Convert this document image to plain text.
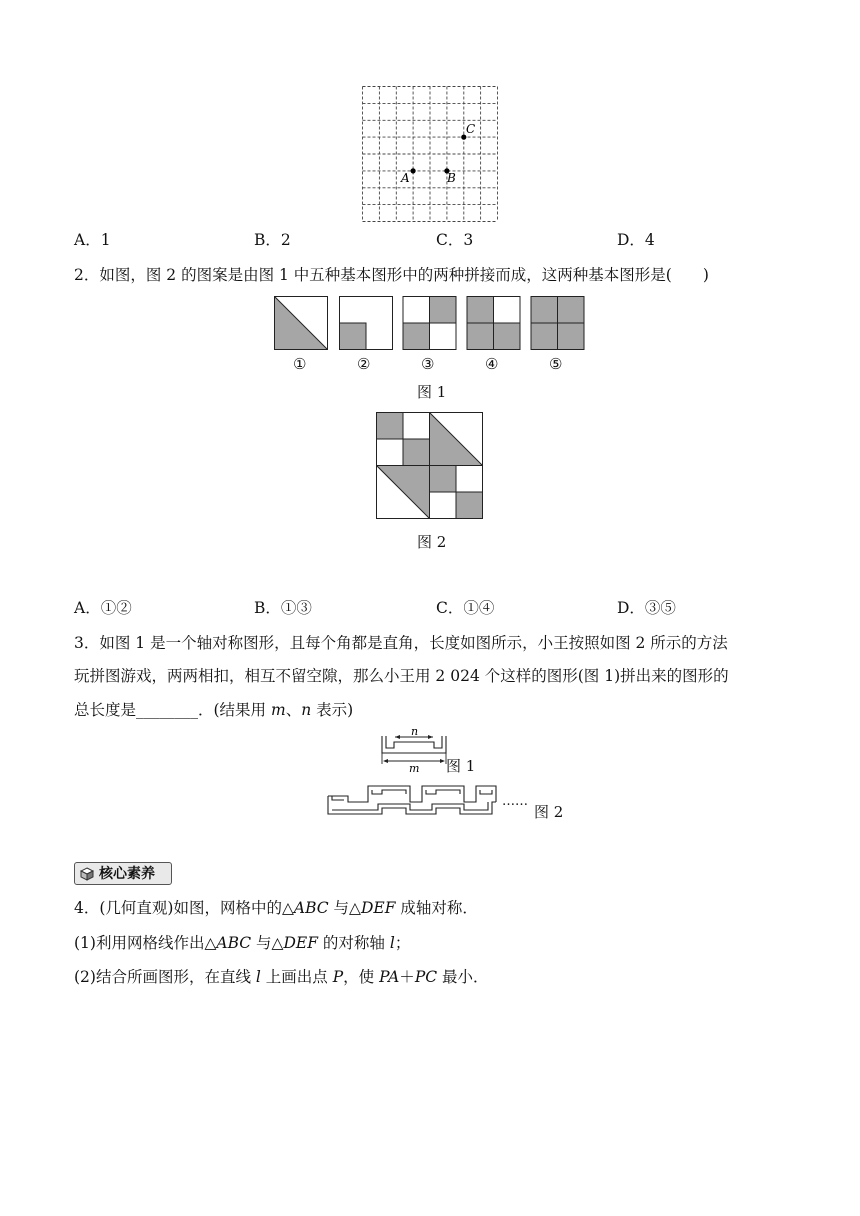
A	B
C
A．1	B．2	C．3	D．4
2．如图，图 2 的图案是由图 1 中五种基本图形中的两种拼接而成，这两种基本图形是(　　)
①	②	③	④	⑤
图 1
图 2
A．①②	B．①③	C．①④	D．③⑤
3．如图 1 是一个轴对称图形，且每个角都是直角，长度如图所示，小王按照如图 2 所示的方法
玩拼图游戏，两两相扣，相互不留空隙，那么小王用 2 024 个这样的图形(图 1)拼出来的图形的
总长度是________．(结果用 m、n 表示)
n
m 图 1
……
图 2
核心素养
4．(几何直观)如图，网格中的△ABC 与△DEF 成轴对称．
(1)利用网格线作出△ABC 与△DEF 的对称轴 l；
(2)结合所画图形，在直线 l 上画出点 P，使 PA＋PC 最小．
